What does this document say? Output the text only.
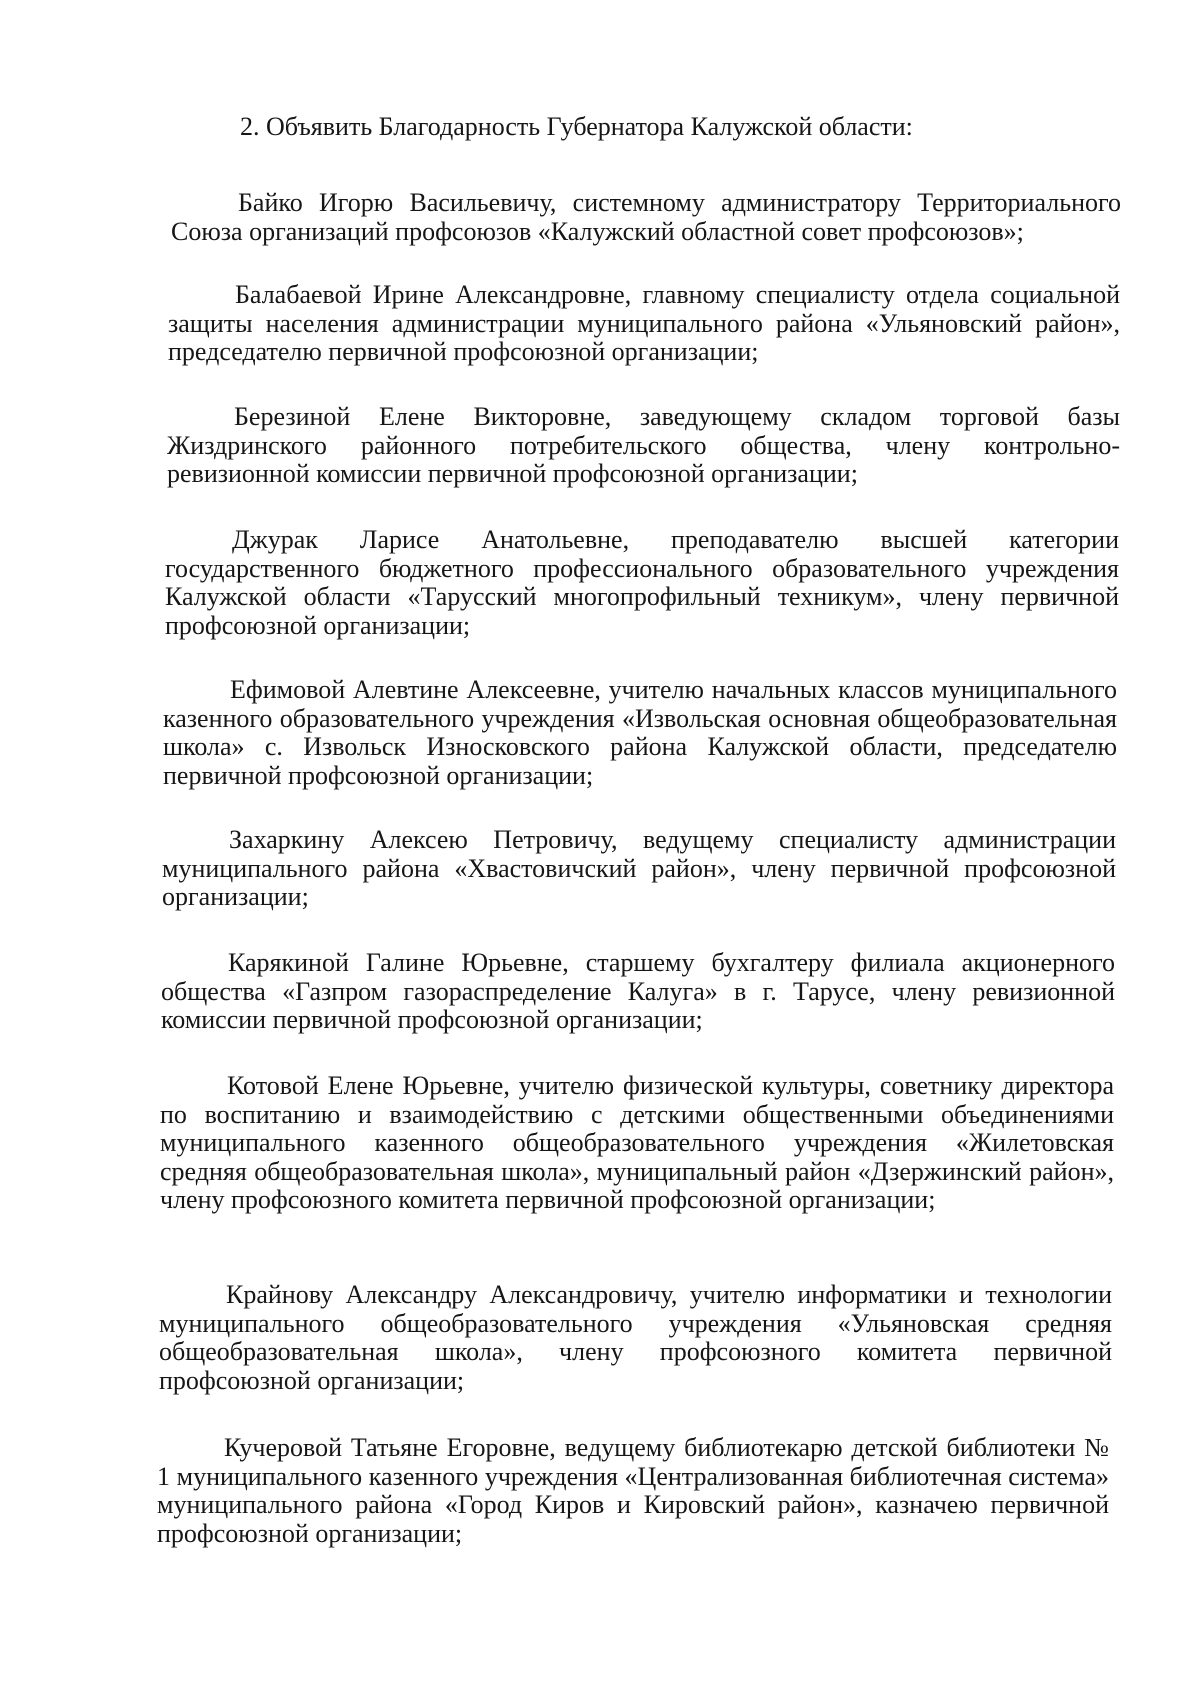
2. Объявить Благодарность Губернатора Калужской области:

Байко Игорю Васильевичу, системному администратору Территориального Союза организаций профсоюзов «Калужский областной совет профсоюзов»;

Балабаевой Ирине Александровне, главному специалисту отдела социальной защиты населения администрации муниципального района «Ульяновский район», председателю первичной профсоюзной организации;

Березиной Елене Викторовне, заведующему складом торговой базы Жиздринского районного потребительского общества, члену контрольно-ревизионной комиссии первичной профсоюзной организации;

Джурак Ларисе Анатольевне, преподавателю высшей категории государственного бюджетного профессионального образовательного учреждения Калужской области «Тарусский многопрофильный техникум», члену первичной профсоюзной организации;

Ефимовой Алевтине Алексеевне, учителю начальных классов муниципального казенного образовательного учреждения «Извольская основная общеобразовательная школа» с. Извольск Износковского района Калужской области, председателю первичной профсоюзной организации;

Захаркину Алексею Петровичу, ведущему специалисту администрации муниципального района «Хвастовичский район», члену первичной профсоюзной организации;

Карякиной Галине Юрьевне, старшему бухгалтеру филиала акционерного общества «Газпром газораспределение Калуга» в г. Тарусе, члену ревизионной комиссии первичной профсоюзной организации;

Котовой Елене Юрьевне, учителю физической культуры, советнику директора по воспитанию и взаимодействию с детскими общественными объединениями муниципального казенного общеобразовательного учреждения «Жилетовская средняя общеобразовательная школа», муниципальный район «Дзержинский район», члену профсоюзного комитета первичной профсоюзной организации;

Крайнову Александру Александровичу, учителю информатики и технологии муниципального общеобразовательного учреждения «Ульяновская средняя общеобразовательная школа», члену профсоюзного комитета первичной профсоюзной организации;

Кучеровой Татьяне Егоровне, ведущему библиотекарю детской библиотеки № 1 муниципального казенного учреждения «Централизованная библиотечная система» муниципального района «Город Киров и Кировский район», казначею первичной профсоюзной организации;
